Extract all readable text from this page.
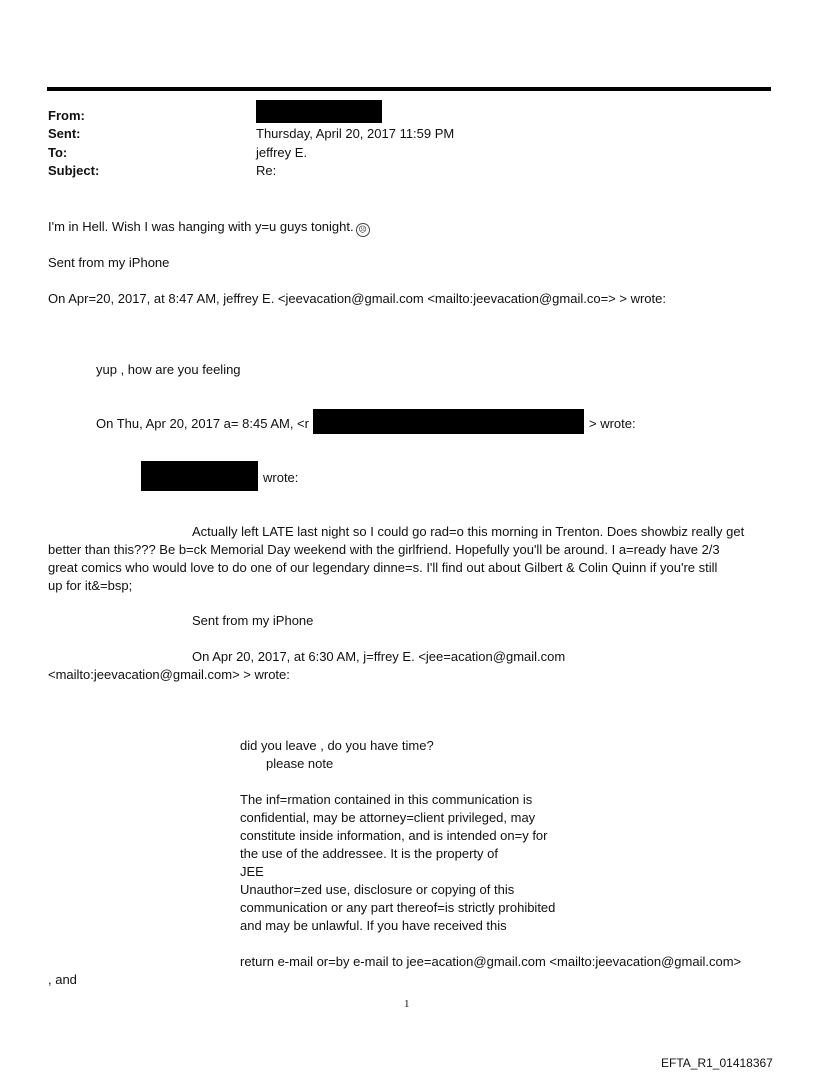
From:
Sent:	Thursday, April 20, 2017 11:59 PM
To:	jeffrey E.
Subject:	Re:
I'm in Hell. Wish I was hanging with y=u guys tonight. ☹
Sent from my iPhone
On Apr=20, 2017, at 8:47 AM, jeffrey E. <jeevacation@gmail.com <mailto:jeevacation@gmail.co=> > wrote:
yup , how are you feeling
On Thu, Apr 20, 2017 a= 8:45 AM, <r	> wrote:
wrote:
Actually left LATE last night so I could go rad=o this morning in Trenton. Does showbiz really get
better than this??? Be b=ck Memorial Day weekend with the girlfriend. Hopefully you'll be around. I a=ready have 2/3
great comics who would love to do one of our legendary dinne=s. I'll find out about Gilbert & Colin Quinn if you're still
up for it&=bsp;
Sent from my iPhone
On Apr 20, 2017, at 6:30 AM, j=ffrey E. <jee=acation@gmail.com
<mailto:jeevacation@gmail.com> > wrote:
did you leave , do you have time?
please note
The inf=rmation contained in this communication is
confidential, may be attorney=client privileged, may
constitute inside information, and is intended on=y for
the use of the addressee. It is the property of
JEE
Unauthor=zed use, disclosure or copying of this
communication or any part thereof=is strictly prohibited
and may be unlawful. If you have received this
return e-mail or=by e-mail to jee=acation@gmail.com <mailto:jeevacation@gmail.com>
, and
1
EFTA_R1_01418367
